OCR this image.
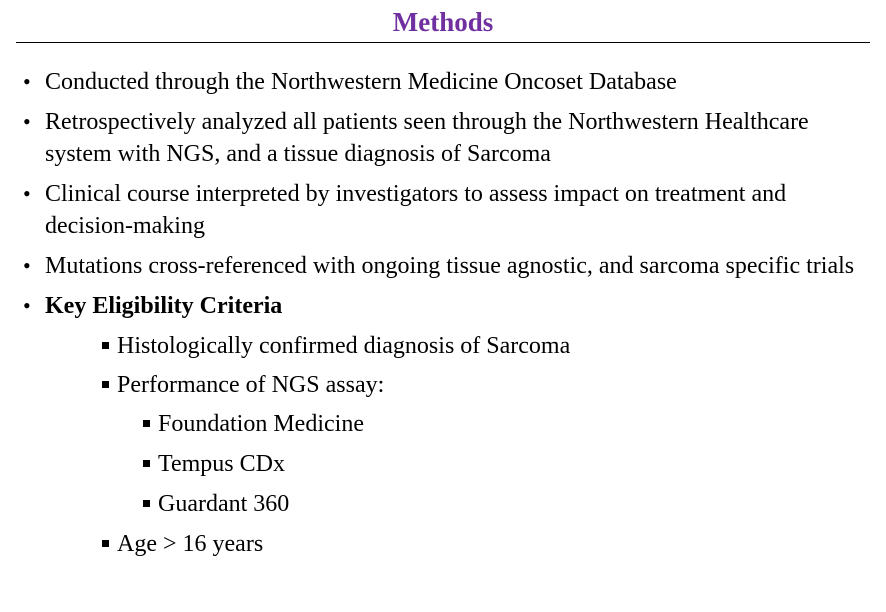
Methods
• Conducted through the Northwestern Medicine Oncoset Database
• Retrospectively analyzed all patients seen through the Northwestern Healthcare system with NGS, and a tissue diagnosis of Sarcoma
• Clinical course interpreted by investigators to assess impact on treatment and decision-making
• Mutations cross-referenced with ongoing tissue agnostic, and sarcoma specific trials
• Key Eligibility Criteria
Histologically confirmed diagnosis of Sarcoma
Performance of NGS assay:
Foundation Medicine
Tempus CDx
Guardant 360
Age > 16 years
